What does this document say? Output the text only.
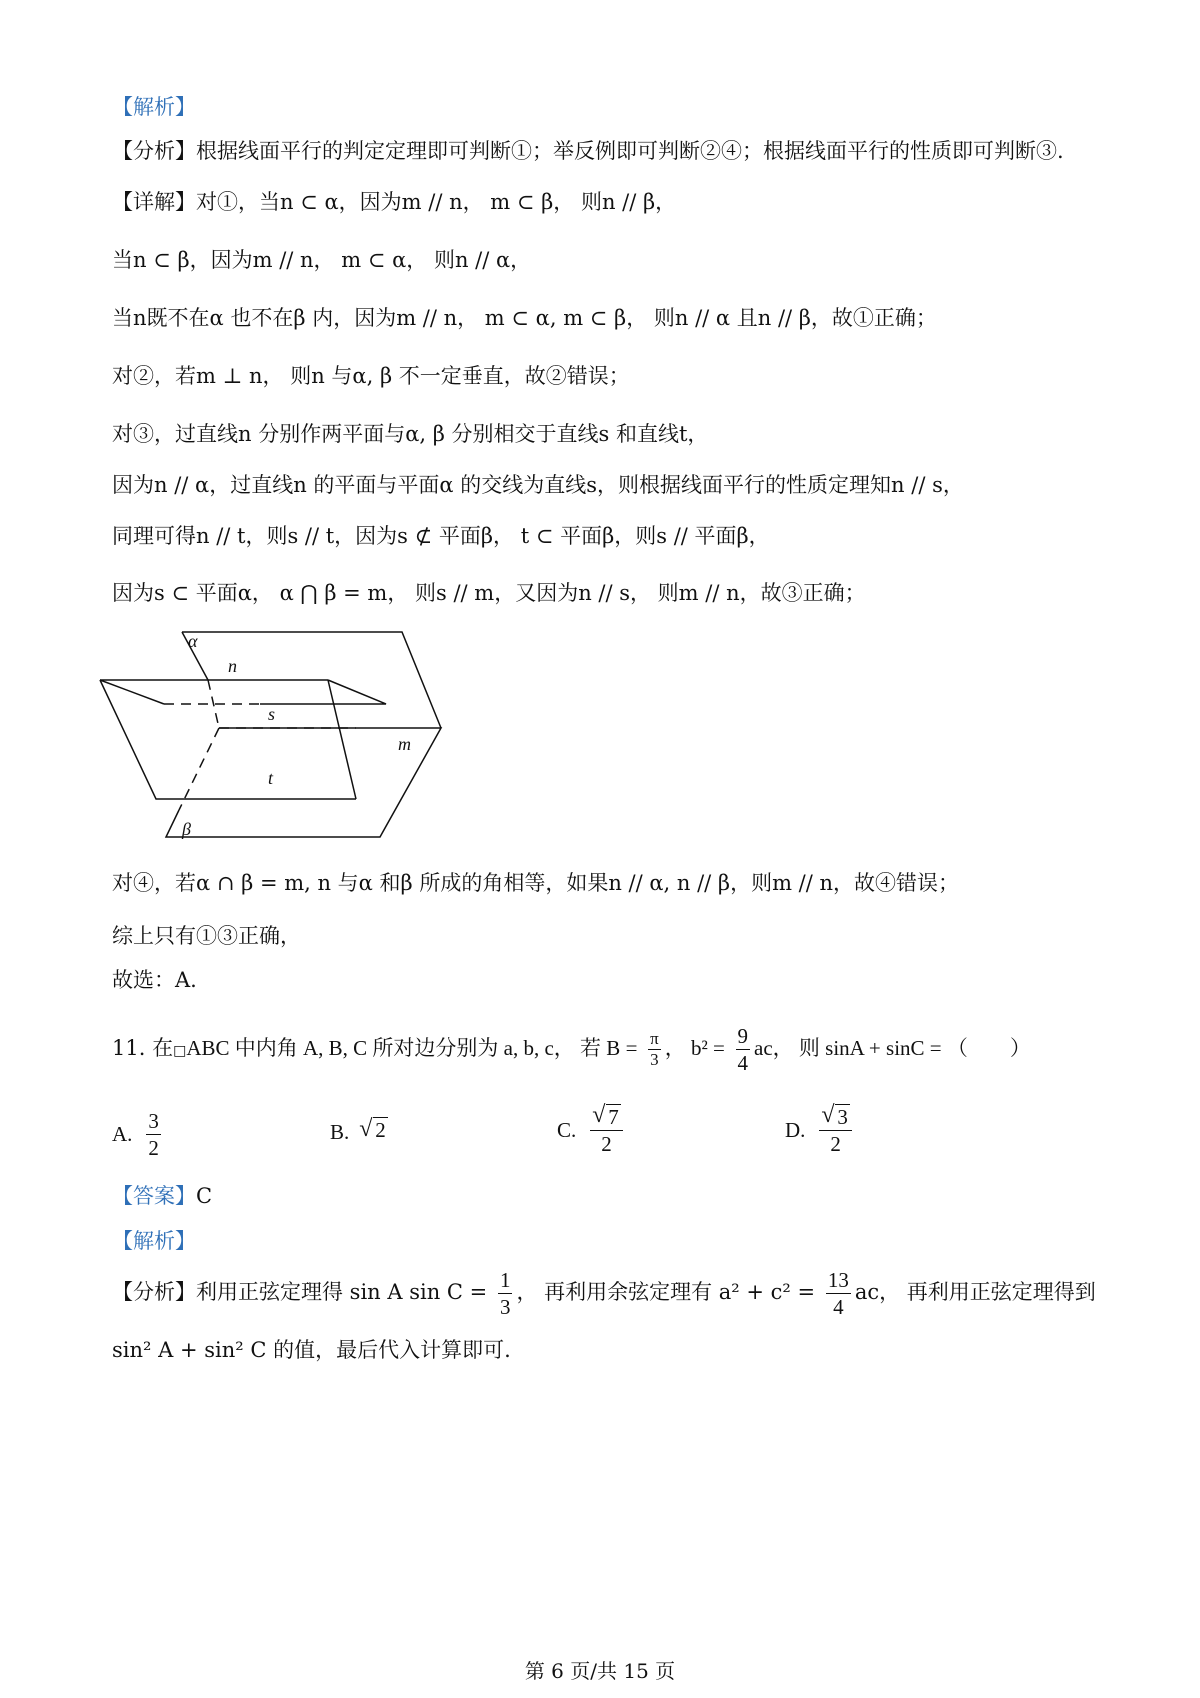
【解析】
【分析】根据线面平行的判定定理即可判断①；举反例即可判断②④；根据线面平行的性质即可判断③.
【详解】对①，当n ⊂ α，因为m // n， m ⊂ β， 则n // β，
当n ⊂ β，因为m // n， m ⊂ α， 则n // α，
当n既不在α 也不在β 内，因为m // n， m ⊂ α, m ⊂ β， 则n // α 且n // β，故①正确；
对②，若m ⊥ n， 则n 与α, β 不一定垂直，故②错误；
对③，过直线n 分别作两平面与α, β 分别相交于直线s 和直线t，
因为n // α，过直线n 的平面与平面α 的交线为直线s，则根据线面平行的性质定理知n // s，
同理可得n // t，则s // t，因为s ⊄ 平面β， t ⊂ 平面β，则s // 平面β，
因为s ⊂ 平面α， α ⋂ β = m， 则s // m，又因为n // s， 则m // n，故③正确；
α
n
s
m
t
β
对④，若α ∩ β = m, n 与α 和β 所成的角相等，如果n // α, n // β，则m // n，故④错误；
综上只有①③正确，
故选：A.
11. 在□ABC 中内角 A, B, C 所对边分别为 a, b, c， 若 $B = \frac{\pi}{3}$ ， $b^2 = \frac{9}{4}$ ac， 则 sinA + sinC = （　　）
A. $\frac{3}{2}$	B. √ 2	C. $\frac{√ 7}{2}$	D. $\frac{√ 3}{2}$
【答案】C
【解析】
【分析】利用正弦定理得 sin A $\sin C = \frac{1}{3}$ ， 再利用余弦定理有 $a^2 + c^2 = \frac{13}{4}$ ac， 再利用正弦定理得到
sin² A + sin² C 的值，最后代入计算即可.
第 6 页/共 15 页
